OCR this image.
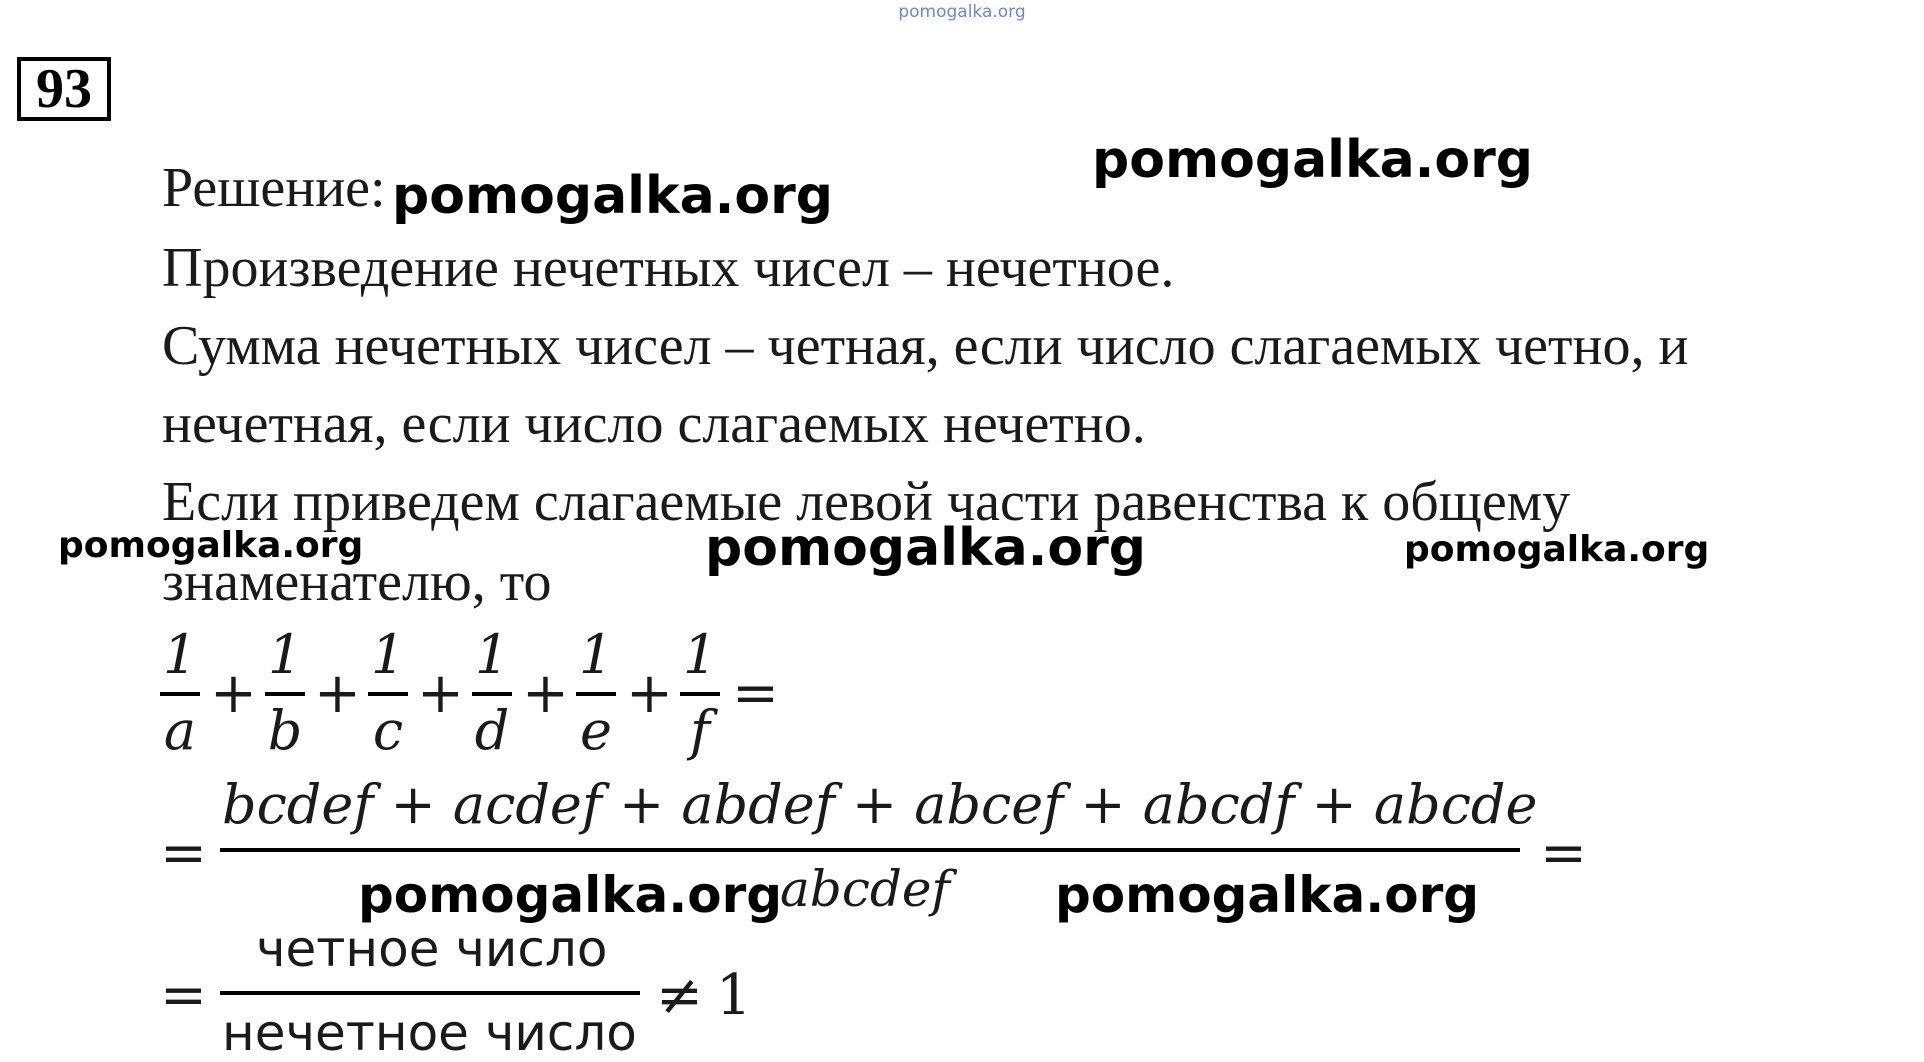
pomogalka.org
93
Решение:
Произведение нечетных чисел – нечетное.
Сумма нечетных чисел – четная, если число слагаемых четно, и
нечетная, если число слагаемых нечетно.
Если приведем слагаемые левой части равенства к общему
знаменателю, то
1
a
+
1
b
+
1
c
+
1
d
+
1
e
+
1
f
=
=
bcdef + acdef + abdef + abcef + abcdf + abcde
abcdef
=
=
четное число
нечетное число
≠ 1
pomogalka.org
pomogalka.org
pomogalka.org	pomogalka.org	pomogalka.org
pomogalka.org	pomogalka.org
